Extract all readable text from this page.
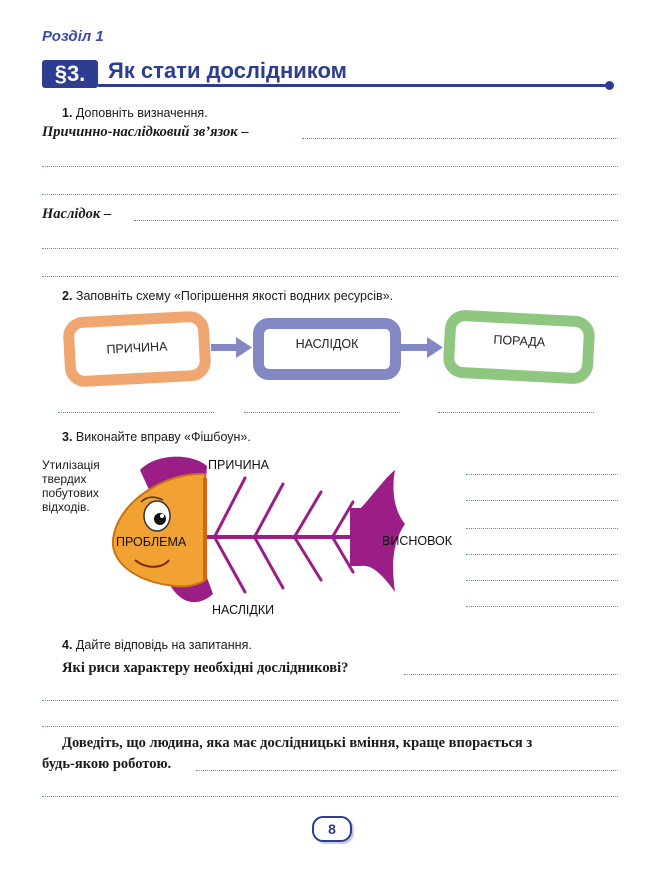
Розділ 1
§3.	Як стати дослідником
1. Доповніть визначення.
Причинно-наслідковий зв’язок –
Наслідок –
2. Заповніть схему «Погіршення якості водних ресурсів».
ПРИЧИНА	НАСЛІДОК	ПОРАДА
3. Виконайте вправу «Фішбоун».
Утилізація твердих побутових відходів.
ПРИЧИНА
ПРОБЛЕМА
НАСЛІДКИ
ВИСНОВОК
4. Дайте відповідь на запитання.
Які риси характеру необхідні дослідникові?
Доведіть, що людина, яка має дослідницькі вміння, краще впорається з
будь-якою роботою.
8
